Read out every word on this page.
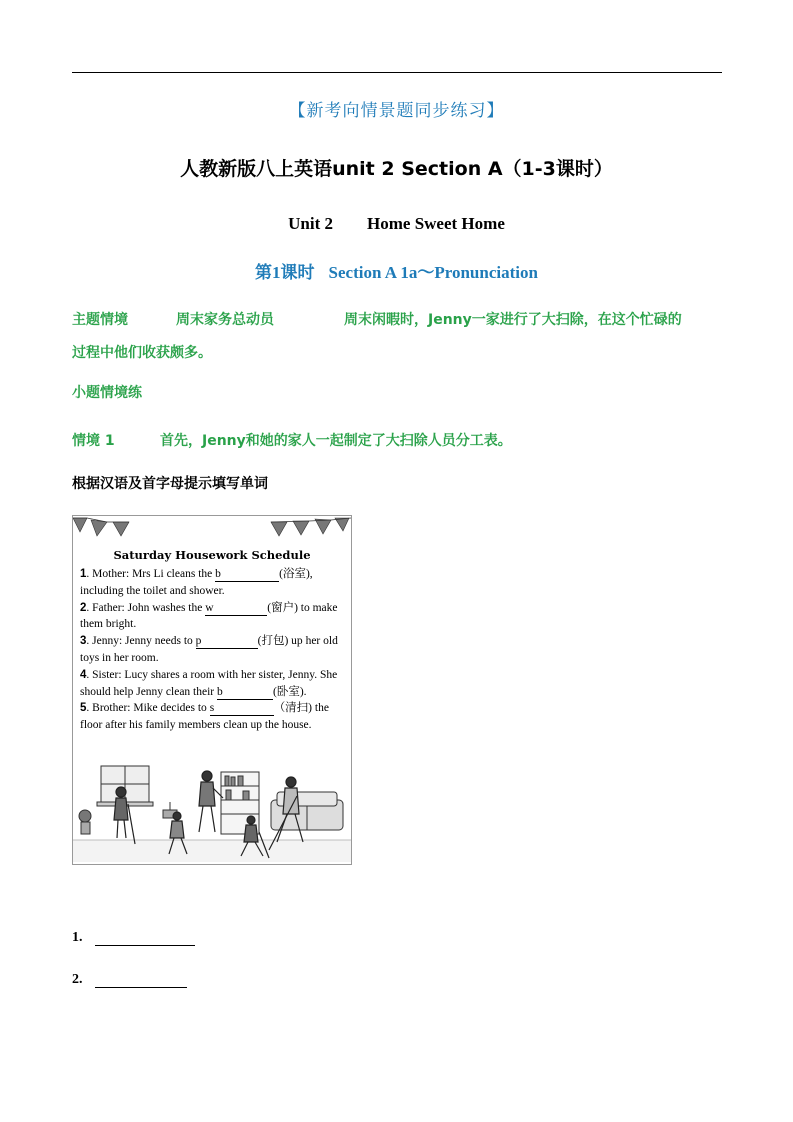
【新考向情景题同步练习】
人教新版八上英语unit 2 Section A（1-3课时）
Unit 2 Home Sweet Home
第1课时 Section A 1a～Pronunciation
主题情境	周末家务总动员	周末闲暇时，Jenny一家进行了大扫除，在这个忙碌的
过程中他们收获颇多。
小题情境练
情境 1	首先，Jenny和她的家人一起制定了大扫除人员分工表。
根据汉语及首字母提示填写单词
Saturday Housework Schedule
1. Mother: Mrs Li cleans the b	(浴室), including the toilet and shower.
2. Father: John washes the w	(窗户) to make them bright.
3. Jenny: Jenny needs to p	(打包) up her old toys in her room.
4. Sister: Lucy shares a room with her sister, Jenny. She should help Jenny clean their b	(卧室).
5. Brother: Mike decides to s	（清扫) the floor after his family members clean up the house.
1.
2.
